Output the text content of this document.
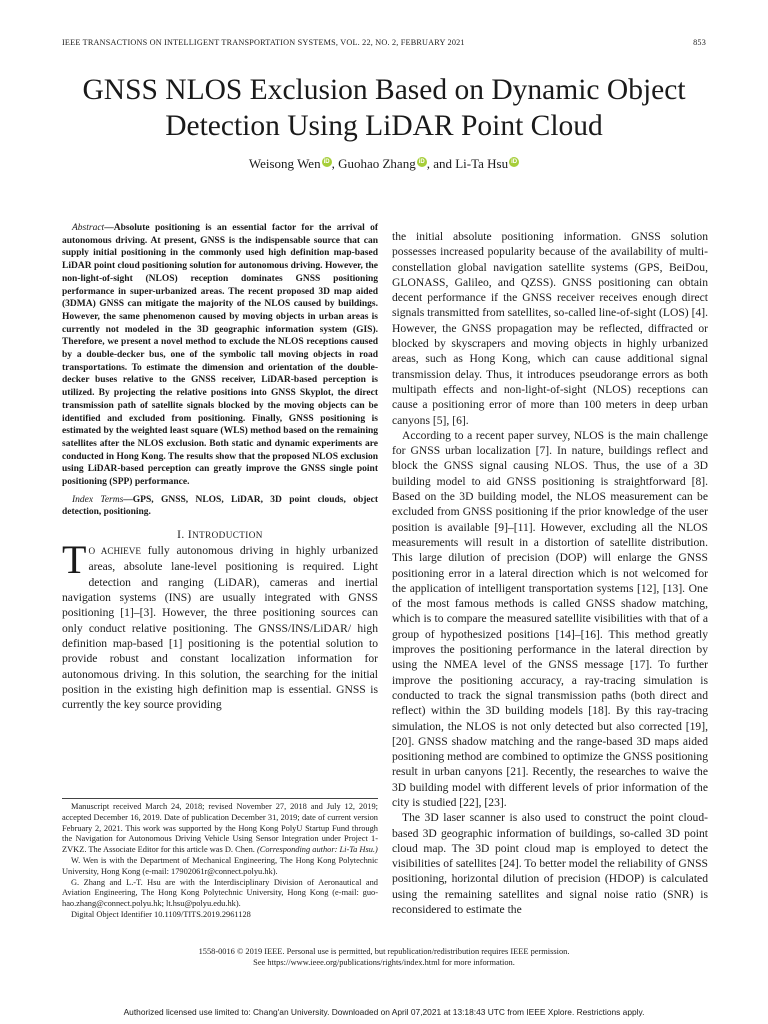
IEEE TRANSACTIONS ON INTELLIGENT TRANSPORTATION SYSTEMS, VOL. 22, NO. 2, FEBRUARY 2021	853
GNSS NLOS Exclusion Based on Dynamic Object
Detection Using LiDAR Point Cloud
Weisong Wen iD , Guohao Zhang iD , and Li-Ta Hsu iD

Abstract—Absolute positioning is an essential factor for the arrival of autonomous driving. At present, GNSS is the indispensable source that can supply initial positioning in the commonly used high definition map-based LiDAR point cloud positioning solution for autonomous driving. However, the non-light-of-sight (NLOS) reception dominates GNSS positioning performance in super-urbanized areas. The recent proposed 3D map aided (3DMA) GNSS can mitigate the majority of the NLOS caused by buildings. However, the same phenomenon caused by moving objects in urban areas is currently not modeled in the 3D geographic information system (GIS). Therefore, we present a novel method to exclude the NLOS receptions caused by a double-decker bus, one of the symbolic tall moving objects in road transportations. To estimate the dimension and orientation of the double-decker buses relative to the GNSS receiver, LiDAR-based perception is utilized. By projecting the relative positions into GNSS Skyplot, the direct transmission path of satellite signals blocked by the moving objects can be identified and excluded from positioning. Finally, GNSS positioning is estimated by the weighted least square (WLS) method based on the remaining satellites after the NLOS exclusion. Both static and dynamic experiments are conducted in Hong Kong. The results show that the proposed NLOS exclusion using LiDAR-based perception can greatly improve the GNSS single point positioning (SPP) performance.

Index Terms—GPS, GNSS, NLOS, LiDAR, 3D point clouds, object detection, positioning.

I. INTRODUCTION

T O ACHIEVE fully autonomous driving in highly urbanized areas, absolute lane-level positioning is required. Light detection and ranging (LiDAR), cameras and inertial navigation systems (INS) are usually integrated with GNSS positioning [1]–[3]. However, the three positioning sources can only conduct relative positioning. The GNSS/INS/LiDAR/ high definition map-based [1] positioning is the potential solution to provide robust and constant localization information for autonomous driving. In this solution, the searching for the initial position in the existing high definition map is essential. GNSS is currently the key source providing

Manuscript received March 24, 2018; revised November 27, 2018 and July 12, 2019; accepted December 16, 2019. Date of publication December 31, 2019; date of current version February 2, 2021. This work was supported by the Hong Kong PolyU Startup Fund through the Navigation for Autonomous Driving Vehicle Using Sensor Integration under Project 1-ZVKZ. The Associate Editor for this article was D. Chen. (Corresponding author: Li-Ta Hsu.)

W. Wen is with the Department of Mechanical Engineering, The Hong Kong Polytechnic University, Hong Kong (e-mail: 17902061r@connect.polyu.hk).

G. Zhang and L.-T. Hsu are with the Interdisciplinary Division of Aeronautical and Aviation Engineering, The Hong Kong Polytechnic University, Hong Kong (e-mail: guo-hao.zhang@connect.polyu.hk; lt.hsu@polyu.edu.hk).

Digital Object Identifier 10.1109/TITS.2019.2961128

the initial absolute positioning information. GNSS solution possesses increased popularity because of the availability of multi-constellation global navigation satellite systems (GPS, BeiDou, GLONASS, Galileo, and QZSS). GNSS positioning can obtain decent performance if the GNSS receiver receives enough direct signals transmitted from satellites, so-called line-of-sight (LOS) [4]. However, the GNSS propagation may be reflected, diffracted or blocked by skyscrapers and moving objects in highly urbanized areas, such as Hong Kong, which can cause additional signal transmission delay. Thus, it introduces pseudorange errors as both multipath effects and non-light-of-sight (NLOS) receptions can cause a positioning error of more than 100 meters in deep urban canyons [5], [6].

According to a recent paper survey, NLOS is the main challenge for GNSS urban localization [7]. In nature, buildings reflect and block the GNSS signal causing NLOS. Thus, the use of a 3D building model to aid GNSS positioning is straightforward [8]. Based on the 3D building model, the NLOS measurement can be excluded from GNSS positioning if the prior knowledge of the user position is available [9]–[11]. However, excluding all the NLOS measurements will result in a distortion of satellite distribution. This large dilution of precision (DOP) will enlarge the GNSS positioning error in a lateral direction which is not welcomed for the application of intelligent transportation systems [12], [13]. One of the most famous methods is called GNSS shadow matching, which is to compare the measured satellite visibilities with that of a group of hypothesized positions [14]–[16]. This method greatly improves the positioning performance in the lateral direction by using the NMEA level of the GNSS message [17]. To further improve the positioning accuracy, a ray-tracing simulation is conducted to track the signal transmission paths (both direct and reflect) within the 3D building models [18]. By this ray-tracing simulation, the NLOS is not only detected but also corrected [19], [20]. GNSS shadow matching and the range-based 3D maps aided positioning method are combined to optimize the GNSS positioning result in urban canyons [21]. Recently, the researches to waive the 3D building model with different levels of prior information of the city is studied [22], [23].

The 3D laser scanner is also used to construct the point cloud-based 3D geographic information of buildings, so-called 3D point cloud map. The 3D point cloud map is employed to detect the visibilities of satellites [24]. To better model the reliability of GNSS positioning, horizontal dilution of precision (HDOP) is calculated using the remaining satellites and signal noise ratio (SNR) is reconsidered to estimate the

1558-0016 © 2019 IEEE. Personal use is permitted, but republication/redistribution requires IEEE permission.
See https://www.ieee.org/publications/rights/index.html for more information.
Authorized licensed use limited to: Chang'an University. Downloaded on April 07,2021 at 13:18:43 UTC from IEEE Xplore. Restrictions apply.
